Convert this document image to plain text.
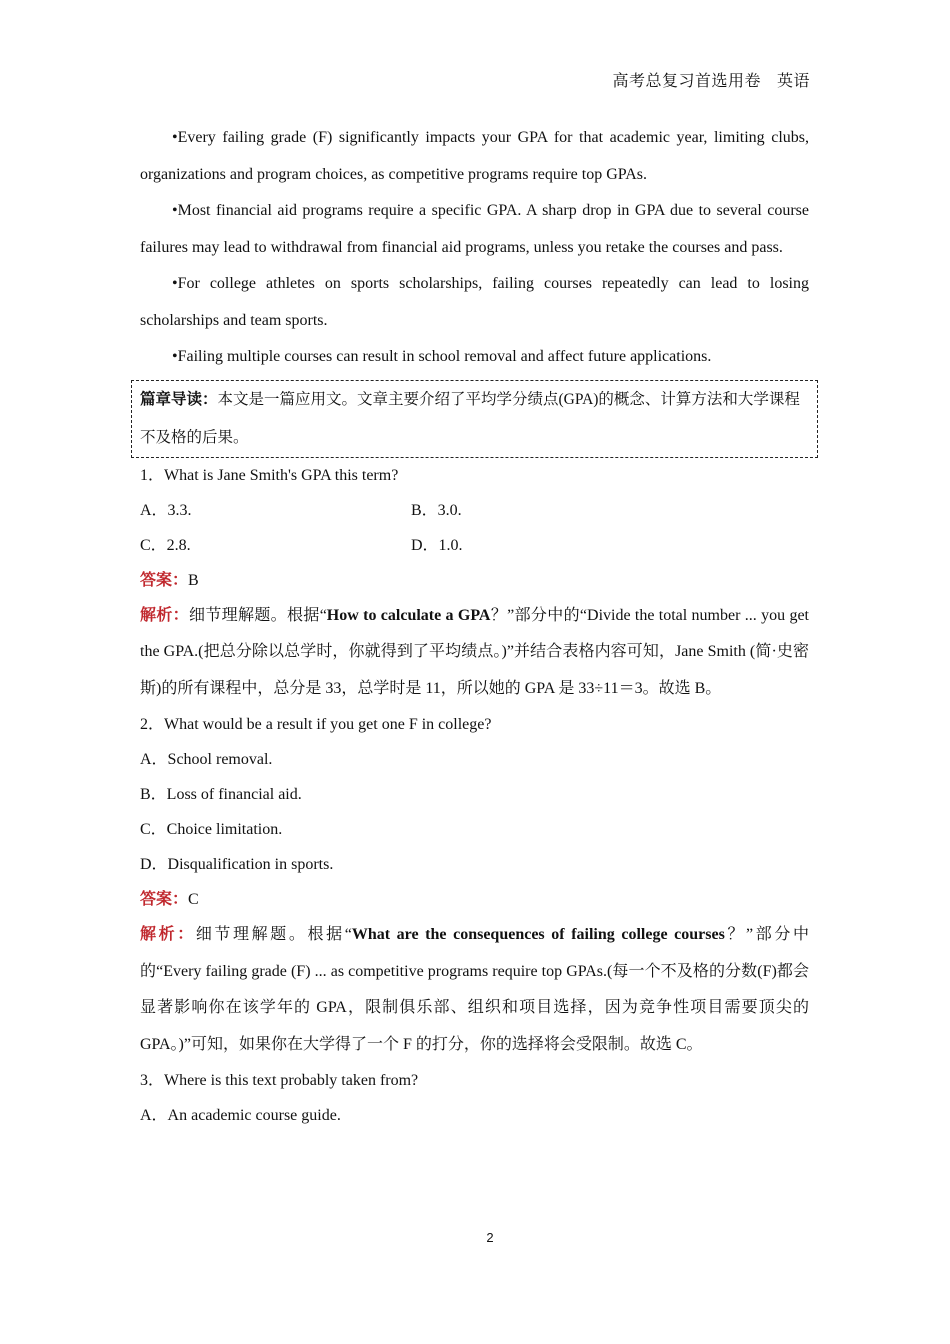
高考总复习首选用卷 英语
•Every failing grade (F) significantly impacts your GPA for that academic year, limiting clubs, organizations and program choices, as competitive programs require top GPAs.
•Most financial aid programs require a specific GPA. A sharp drop in GPA due to several course failures may lead to withdrawal from financial aid programs, unless you retake the courses and pass.
•For college athletes on sports scholarships, failing courses repeatedly can lead to losing scholarships and team sports.
•Failing multiple courses can result in school removal and affect future applications.
篇章导读：本文是一篇应用文。文章主要介绍了平均学分绩点(GPA)的概念、计算方法和大学课程不及格的后果。
1．What is Jane Smith's GPA this term?
A．3.3.	B．3.0.
C．2.8.	D．1.0.
答案：B
解析：细节理解题。根据“How to calculate a GPA？”部分中的“Divide the total number ... you get the GPA.(把总分除以总学时，你就得到了平均绩点。)”并结合表格内容可知，Jane Smith (简·史密斯)的所有课程中，总分是 33，总学时是 11，所以她的 GPA 是 33÷11＝3。故选 B。
2．What would be a result if you get one F in college?
A．School removal.
B．Loss of financial aid.
C．Choice limitation.
D．Disqualification in sports.
答案：C
解析：细节理解题。根据“What are the consequences of failing college courses？”部分中的“Every failing grade (F) ... as competitive programs require top GPAs.(每一个不及格的分数(F)都会显著影响你在该学年的 GPA，限制俱乐部、组织和项目选择，因为竞争性项目需要顶尖的 GPA。)”可知，如果你在大学得了一个 F 的打分，你的选择将会受限制。故选 C。
3．Where is this text probably taken from?
A．An academic course guide.
2
